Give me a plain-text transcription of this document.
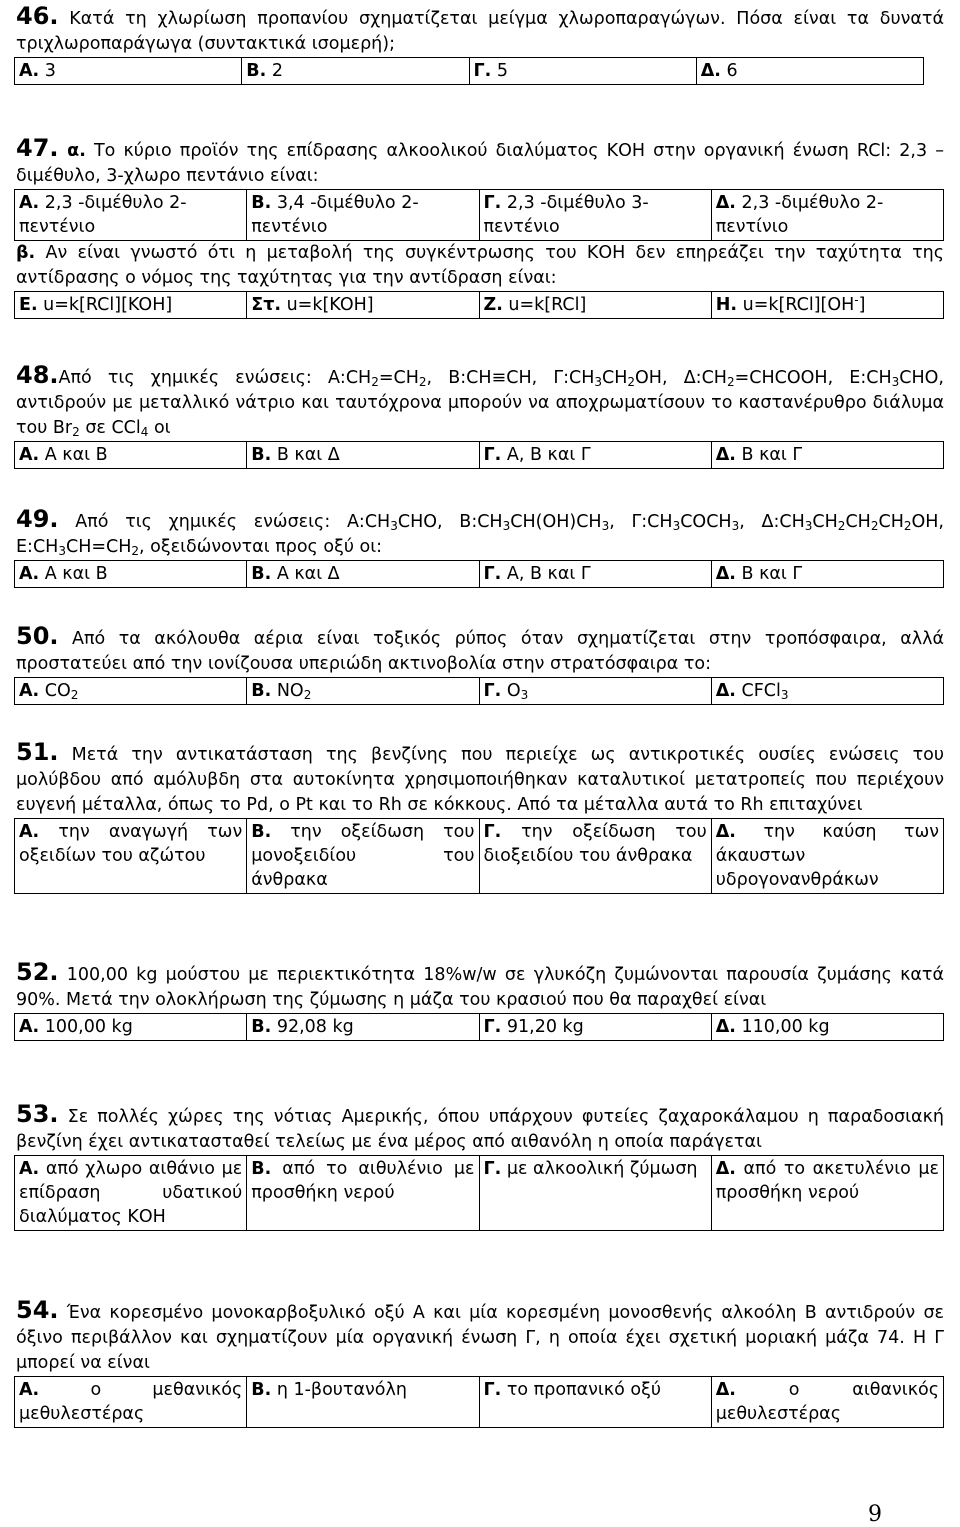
46. Κατά τη χλωρίωση προπανίου σχηματίζεται μείγμα χλωροπαραγώγων. Πόσα είναι τα δυνατά τριχλωροπαράγωγα (συντακτικά ισομερή);
Α. 3	Β. 2	Γ. 5	Δ. 6
47. α. Το κύριο προϊόν της επίδρασης αλκοολικού διαλύματος ΚΟΗ στην οργανική ένωση RCl: 2,3 –διμέθυλο, 3-χλωρο πεντάνιο είναι:
Α. 2,3 -διμέθυλο 2-πεντένιο	Β. 3,4 -διμέθυλο 2-πεντένιο	Γ. 2,3 -διμέθυλο 3-πεντένιο	Δ. 2,3 -διμέθυλο 2-πεντίνιο
β. Αν είναι γνωστό ότι η μεταβολή της συγκέντρωσης του ΚΟΗ δεν επηρεάζει την ταχύτητα της αντίδρασης ο νόμος της ταχύτητας για την αντίδραση είναι:
Ε. u=k[RCl][KOH]	Στ. u=k[KOH]	Ζ. u=k[RCl]	Η. u=k[RCl][OH-]
48.Από τις χημικές ενώσεις: $A:CH_2=CH_2$, Β:CH≡CH, $\Gamma:CH_3CH_2OH$, $\Delta:CH_2=CHCOOH$, $E:CH_3CHO$, αντιδρούν με μεταλλικό νάτριο και ταυτόχρονα μπορούν να αποχρωματίσουν το καστανέρυθρο διάλυμα του $Br_2$ σε CCl$_4$ οι
Α. Α και Β	Β. Β και Δ	Γ. Α, Β και Γ	Δ. Β και Γ
49. Από τις χημικές ενώσεις: $A:CH_3CHO$, $B:CH_3CH(OH)CH_3$, $\Gamma:CH_3COCH_3$, $\Delta:CH_3CH_2CH_2CH_2OH$, $E:CH_3CH=CH_2$, οξειδώνονται προς οξύ οι:
Α. Α και Β	Β. Α και Δ	Γ. Α, Β και Γ	Δ. Β και Γ
50. Από τα ακόλουθα αέρια είναι τοξικός ρύπος όταν σχηματίζεται στην τροπόσφαιρα, αλλά προστατεύει από την ιονίζουσα υπεριώδη ακτινοβολία στην στρατόσφαιρα το:
Α. $CO_2$	Β. $NO_2$	Γ. $O_3$	Δ. CFCl$_3$
51. Μετά την αντικατάσταση της βενζίνης που περιείχε ως αντικροτικές ουσίες ενώσεις του μολύβδου από αμόλυβδη στα αυτοκίνητα χρησιμοποιήθηκαν καταλυτικοί μετατροπείς που περιέχουν ευγενή μέταλλα, όπως το Pd, ο Pt και το Rh σε κόκκους. Από τα μέταλλα αυτά το Rh επιταχύνει
Α. την αναγωγή των οξειδίων του αζώτου	Β. την οξείδωση του μονοξειδίου του άνθρακα	Γ. την οξείδωση του διοξειδίου του άνθρακα	Δ. την καύση των άκαυστων υδρογονανθράκων
52. 100,00 kg μούστου με περιεκτικότητα 18%w/w σε γλυκόζη ζυμώνονται παρουσία ζυμάσης κατά 90%. Μετά την ολοκλήρωση της ζύμωσης η μάζα του κρασιού που θα παραχθεί είναι
Α. 100,00 kg	Β. 92,08 kg	Γ. 91,20 kg	Δ. 110,00 kg
53. Σε πολλές χώρες της νότιας Αμερικής, όπου υπάρχουν φυτείες ζαχαροκάλαμου η παραδοσιακή βενζίνη έχει αντικατασταθεί τελείως με ένα μέρος από αιθανόλη η οποία παράγεται
Α. από χλωρο αιθάνιο με επίδραση υδατικού διαλύματος ΚΟΗ	Β. από το αιθυλένιο με προσθήκη νερού	Γ. με αλκοολική ζύμωση	Δ. από το ακετυλένιο με προσθήκη νερού
54. Ένα κορεσμένο μονοκαρβοξυλικό οξύ Α και μία κορεσμένη μονοσθενής αλκοόλη Β αντιδρούν σε όξινο περιβάλλον και σχηματίζουν μία οργανική ένωση Γ, η οποία έχει σχετική μοριακή μάζα 74. Η Γ μπορεί να είναι
Α. ο μεθανικός μεθυλεστέρας	Β. η 1-βουτανόλη	Γ. το προπανικό οξύ	Δ. ο αιθανικός μεθυλεστέρας
9
